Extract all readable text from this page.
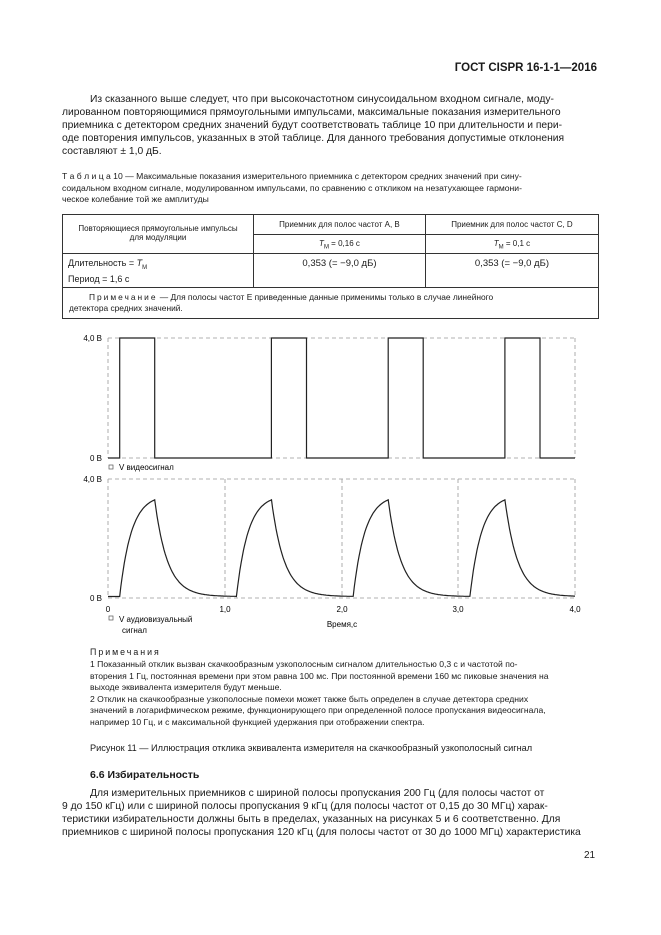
ГОСТ CISPR 16-1-1—2016
Из сказанного выше следует, что при высокочастотном синусоидальном входном сигнале, моду-
лированном повторяющимися прямоугольными импульсами, максимальные показания измерительного
приемника с детектором средних значений будут соответствовать таблице 10 при длительности и пери-
оде повторения импульсов, указанных в этой таблице. Для данного требования допустимые отклонения
составляют ± 1,0 дБ.
Т а б л и ц а 10 — Максимальные показания измерительного приемника с детектором средних значений при сину-
соидальном входном сигнале, модулированном импульсами, по сравнению с откликом на незатухающее гармони-
ческое колебание той же амплитуды
Повторяющиеся прямоугольные импульсы
для модуляции	Приемник для полос частот А, В	Приемник для полос частот С, D
	$T_M = 0,16$ с	$T_M = 0,1$ с

Длительность = $T_M$
Период = 1,6 с	0,353 (= −9,0 дБ)	0,353 (= −9,0 дБ)

Примечание — Для полосы частот Е приведенные данные применимы только в случае линейного
детектора средних значений.		
4,0 В
0 В
V видеосигнал
4,0 В
0 В
0	1,0	2,0	3,0	4,0
Время,с
V аудиовизуальный
сигнал
Примечания
1 Показанный отклик вызван скачкообразным узкополосным сигналом длительностью 0,3 с и частотой по-
вторения 1 Гц, постоянная времени при этом равна 100 мс. При постоянной времени 160 мс пиковые значения на
выходе эквивалента измерителя будут меньше.
2 Отклик на скачкообразные узкополосные помехи может также быть определен в случае детектора средних
значений в логарифмическом режиме, функционирующего при определенной полосе пропускания видеосигнала,
например 10 Гц, и с максимальной функцией удержания при отображении спектра.
Рисунок 11 — Иллюстрация отклика эквивалента измерителя на скачкообразный узкополосный сигнал
6.6 Избирательность
Для измерительных приемников с шириной полосы пропускания 200 Гц (для полосы частот от
9 до 150 кГц) или с шириной полосы пропускания 9 кГц (для полосы частот от 0,15 до 30 МГц) харак-
теристики избирательности должны быть в пределах, указанных на рисунках 5 и 6 соответственно. Для
приемников с шириной полосы пропускания 120 кГц (для полосы частот от 30 до 1000 МГц) характеристика
21
